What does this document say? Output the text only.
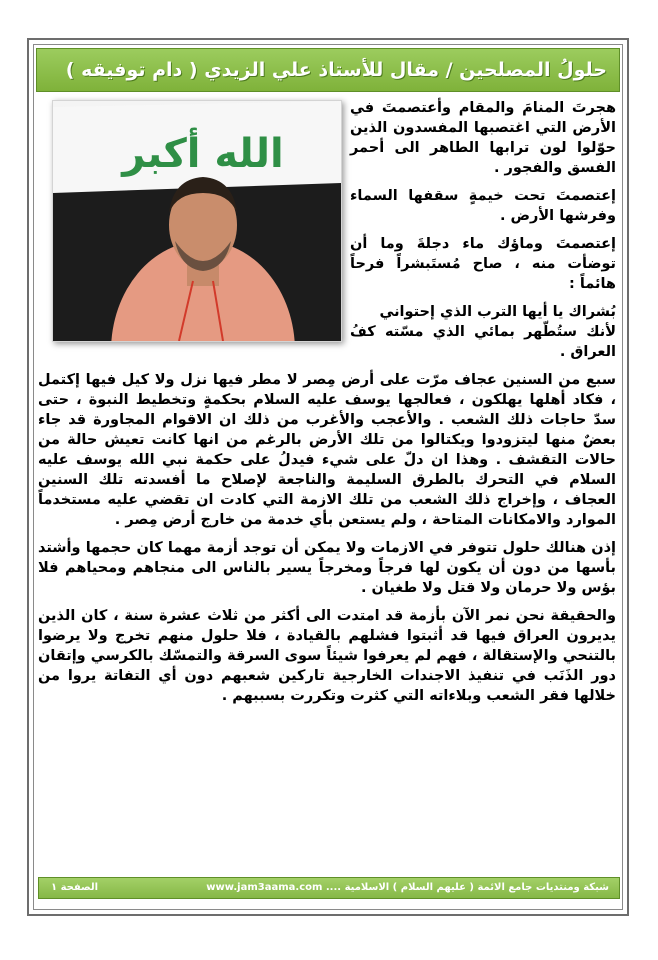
حلولُ المصلحين / مقال للأستاذ علي الزيدي ( دام توفيقه )
الله أكبر

هجرتَ المنامَ والمقام وأعتصمتَ في الأرض التي اغتصبها المفسدون الذين حوّلوا لون ترابها الطاهر الى أحمر الفسق والفجور .

إعتصمتَ تحت خيمةٍ سقفها السماء وفرشها الأرض .

إعتصمتَ وماؤك ماء دجلةَ وما أن توضأت منه ، صاح مُستَبشراً فرحاً هائماً :

بُشراك يا أيها الترب الذي إحتواني
لأنك ستُطّهر بمائي الذي مسّته كفُ العراق .

سبع من السنين عجاف مرّت على أرض مِصر لا مطر فيها نزل ولا كيل فيها إكتمل ، فكاد أهلها يهلكون ، فعالجها يوسف عليه السلام بحكمةٍ وتخطيط النبوة ، حتى سدّ حاجات ذلك الشعب . والأعجب والأغرب من ذلك ان الاقوام المجاورة قد جاء بعضٌ منها ليتزودوا ويكتالوا من تلك الأرض بالرغم من انها كانت تعيش حالة من حالات التقشف . وهذا ان دلّ على شيء فيدلُ على حكمة نبي الله يوسف عليه السلام في التحرك بالطرق السليمة والناجعة لإصلاح ما أفسدته تلك السنين العجاف ، وإخراج ذلك الشعب من تلك الازمة التي كادت ان تقضي عليه مستخدماً الموارد والامكانات المتاحة ، ولم يستعن بأي خدمة من خارج أرض مِصر .

إذن هنالك حلول تتوفر في الازمات ولا يمكن أن توجد أزمة مهما كان حجمها وأشتد بأسها من دون أن يكون لها فرجاً ومخرجاً يسير بالناس الى منجاهم ومحياهم فلا بؤس ولا حرمان ولا قتل ولا طغيان .

والحقيقة نحن نمر الآن بأزمة قد امتدت الى أكثر من ثلاث عشرة سنة ، كان الذين يديرون العراق فيها قد أثبتوا فشلهم بالقيادة ، فلا حلول منهم تخرج ولا يرضوا بالتنحي والإستقالة ، فهم لم يعرفوا شيئاً سوى السرقة والتمسّك بالكرسي وإتقان دور الذَنَب في تنفيذ الاجندات الخارجية تاركين شعبهم دون أي التفاتة يروا من خلالها فقر الشعب وبلاءاته التي كثرت وتكررت بسببهم .

شبكة ومنتديات جامع الائمة ( عليهم السلام ) الاسلامية .... www.jam3aama.com
الصفحة ١
